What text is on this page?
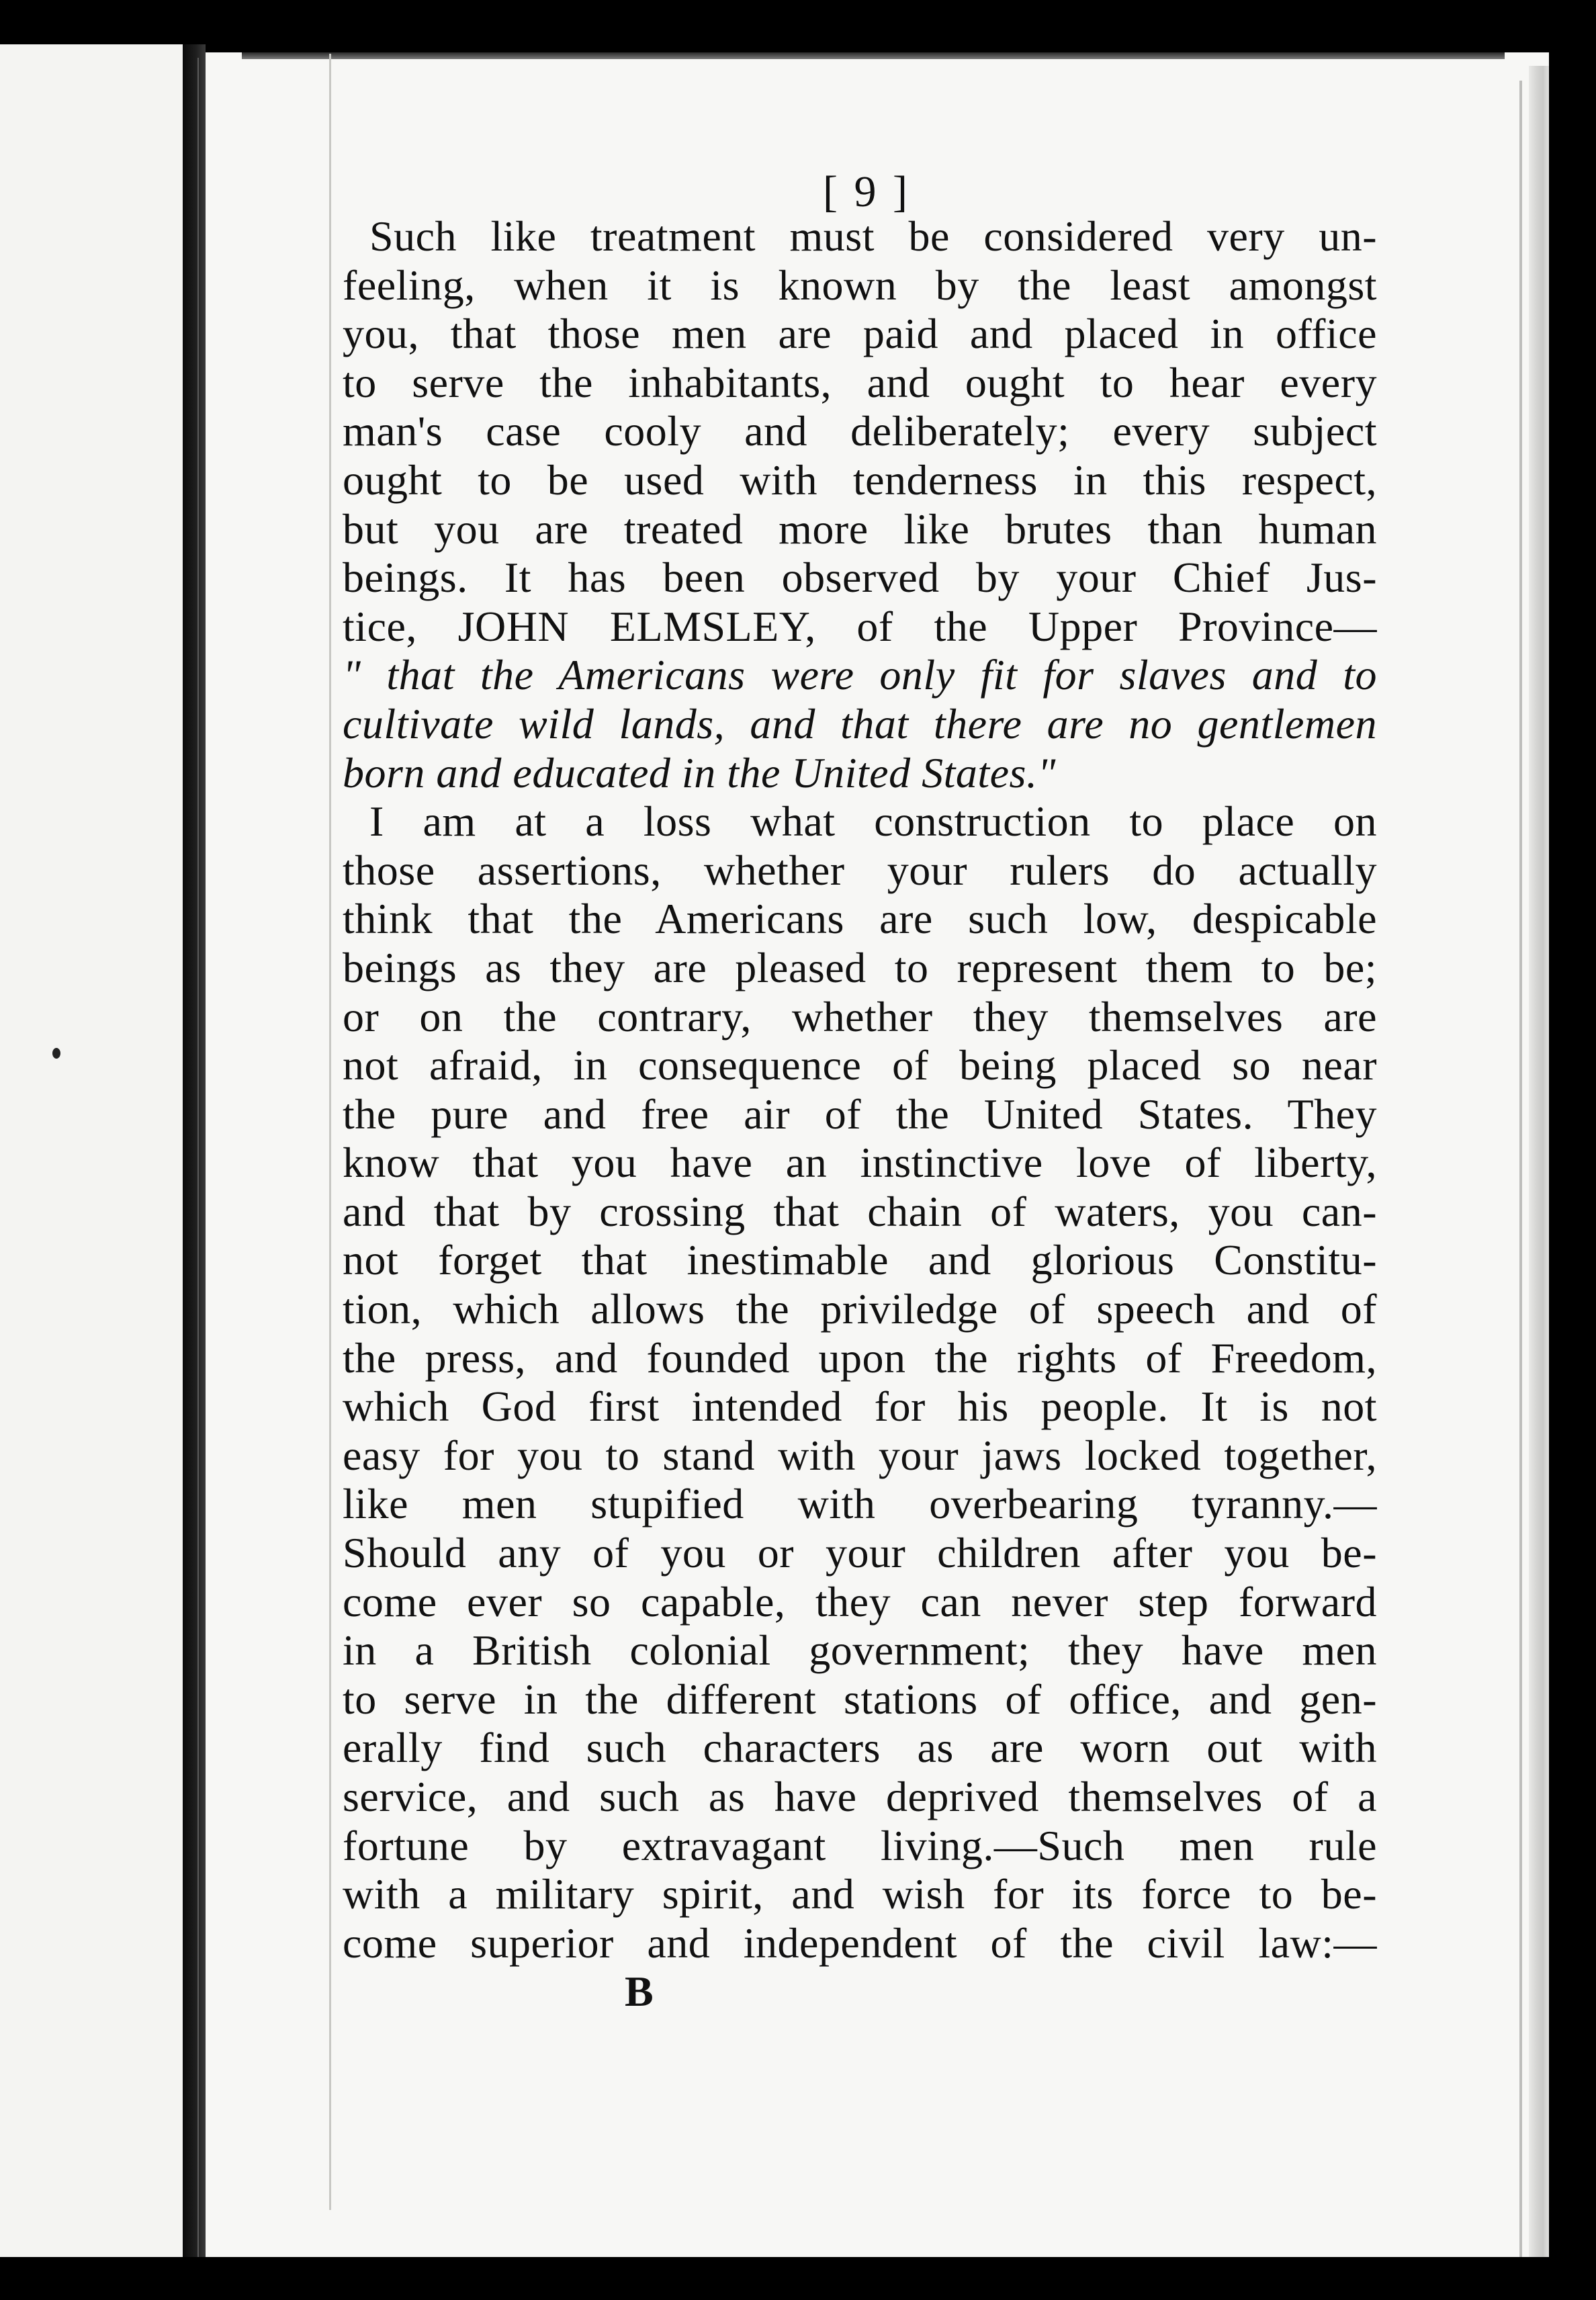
[ 9 ]
Such like treatment must be considered very un-
feeling, when it is known by the least amongst
you, that those men are paid and placed in office
to serve the inhabitants, and ought to hear every
man's case cooly and deliberately; every subject
ought to be used with tenderness in this respect,
but you are treated more like brutes than human
beings. It has been observed by your Chief Jus-
tice, JOHN ELMSLEY, of the Upper Province—
" that the Americans were only fit for slaves and to
cultivate wild lands, and that there are no gentlemen
born and educated in the United States."
I am at a loss what construction to place on
those assertions, whether your rulers do actually
think that the Americans are such low, despicable
beings as they are pleased to represent them to be;
or on the contrary, whether they themselves are
not afraid, in consequence of being placed so near
the pure and free air of the United States. They
know that you have an instinctive love of liberty,
and that by crossing that chain of waters, you can-
not forget that inestimable and glorious Constitu-
tion, which allows the priviledge of speech and of
the press, and founded upon the rights of Freedom,
which God first intended for his people. It is not
easy for you to stand with your jaws locked together,
like men stupified with overbearing tyranny.—
Should any of you or your children after you be-
come ever so capable, they can never step forward
in a British colonial government; they have men
to serve in the different stations of office, and gen-
erally find such characters as are worn out with
service, and such as have deprived themselves of a
fortune by extravagant living.—Such men rule
with a military spirit, and wish for its force to be-
come superior and independent of the civil law:—
B
